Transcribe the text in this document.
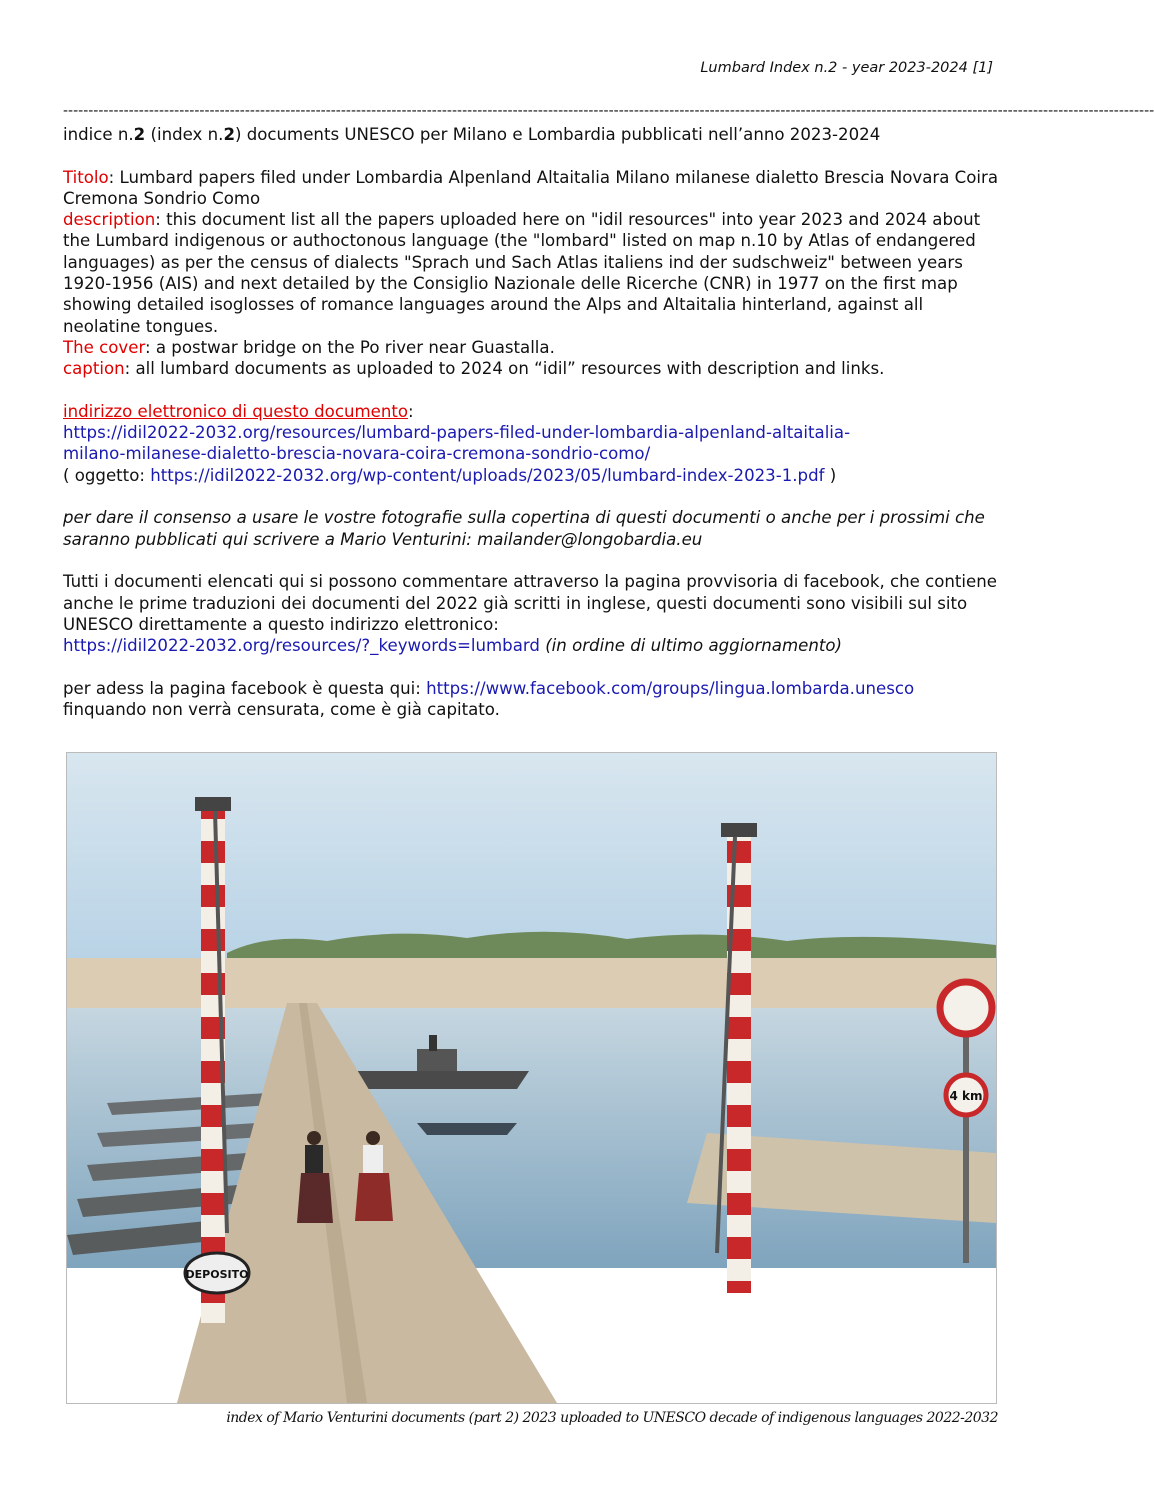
Lumbard Index n.2 - year 2023-2024 [1]
------------------------------------------------------------------------------------------------------------------------------------------------------------------------------------------------------------------------

indice n.2 (index n.2) documents UNESCO per Milano e Lombardia pubblicati nell’anno 2023-2024

Titolo: Lumbard papers filed under Lombardia Alpenland Altaitalia Milano milanese dialetto Brescia Novara Coira Cremona Sondrio Como

description: this document list all the papers uploaded here on "idil resources" into year 2023 and 2024 about the Lumbard indigenous or authoctonous language (the "lombard" listed on map n.10 by Atlas of endangered languages) as per the census of dialects "Sprach und Sach Atlas italiens ind der sudschweiz" between years 1920-1956 (AIS) and next detailed by the Consiglio Nazionale delle Ricerche (CNR) in 1977 on the first map showing detailed isoglosses of romance languages around the Alps and Altaitalia hinterland, against all neolatine tongues.

The cover: a postwar bridge on the Po river near Guastalla.

caption: all lumbard documents as uploaded to 2024 on “idil” resources with description and links.

indirizzo elettronico di questo documento:

https://idil2022-2032.org/resources/lumbard-papers-filed-under-lombardia-alpenland-altaitalia-
milano-milanese-dialetto-brescia-novara-coira-cremona-sondrio-como/

( oggetto: https://idil2022-2032.org/wp-content/uploads/2023/05/lumbard-index-2023-1.pdf )

per dare il consenso a usare le vostre fotografie sulla copertina di questi documenti o anche per i prossimi che saranno pubblicati qui scrivere a Mario Venturini: mailander@longobardia.eu

Tutti i documenti elencati qui si possono commentare attraverso la pagina provvisoria di facebook, che contiene anche le prime traduzioni dei documenti del 2022 già scritti in inglese, questi documenti sono visibili sul sito UNESCO direttamente a questo indirizzo elettronico:

https://idil2022-2032.org/resources/?_keywords=lumbard (in ordine di ultimo aggiornamento)

per adess la pagina facebook è questa qui: https://www.facebook.com/groups/lingua.lombarda.unesco

finquando non verrà censurata, come è già capitato.

4 km
DEPOSITO
index of Mario Venturini documents (part 2) 2023 uploaded to UNESCO decade of indigenous languages 2022-2032
